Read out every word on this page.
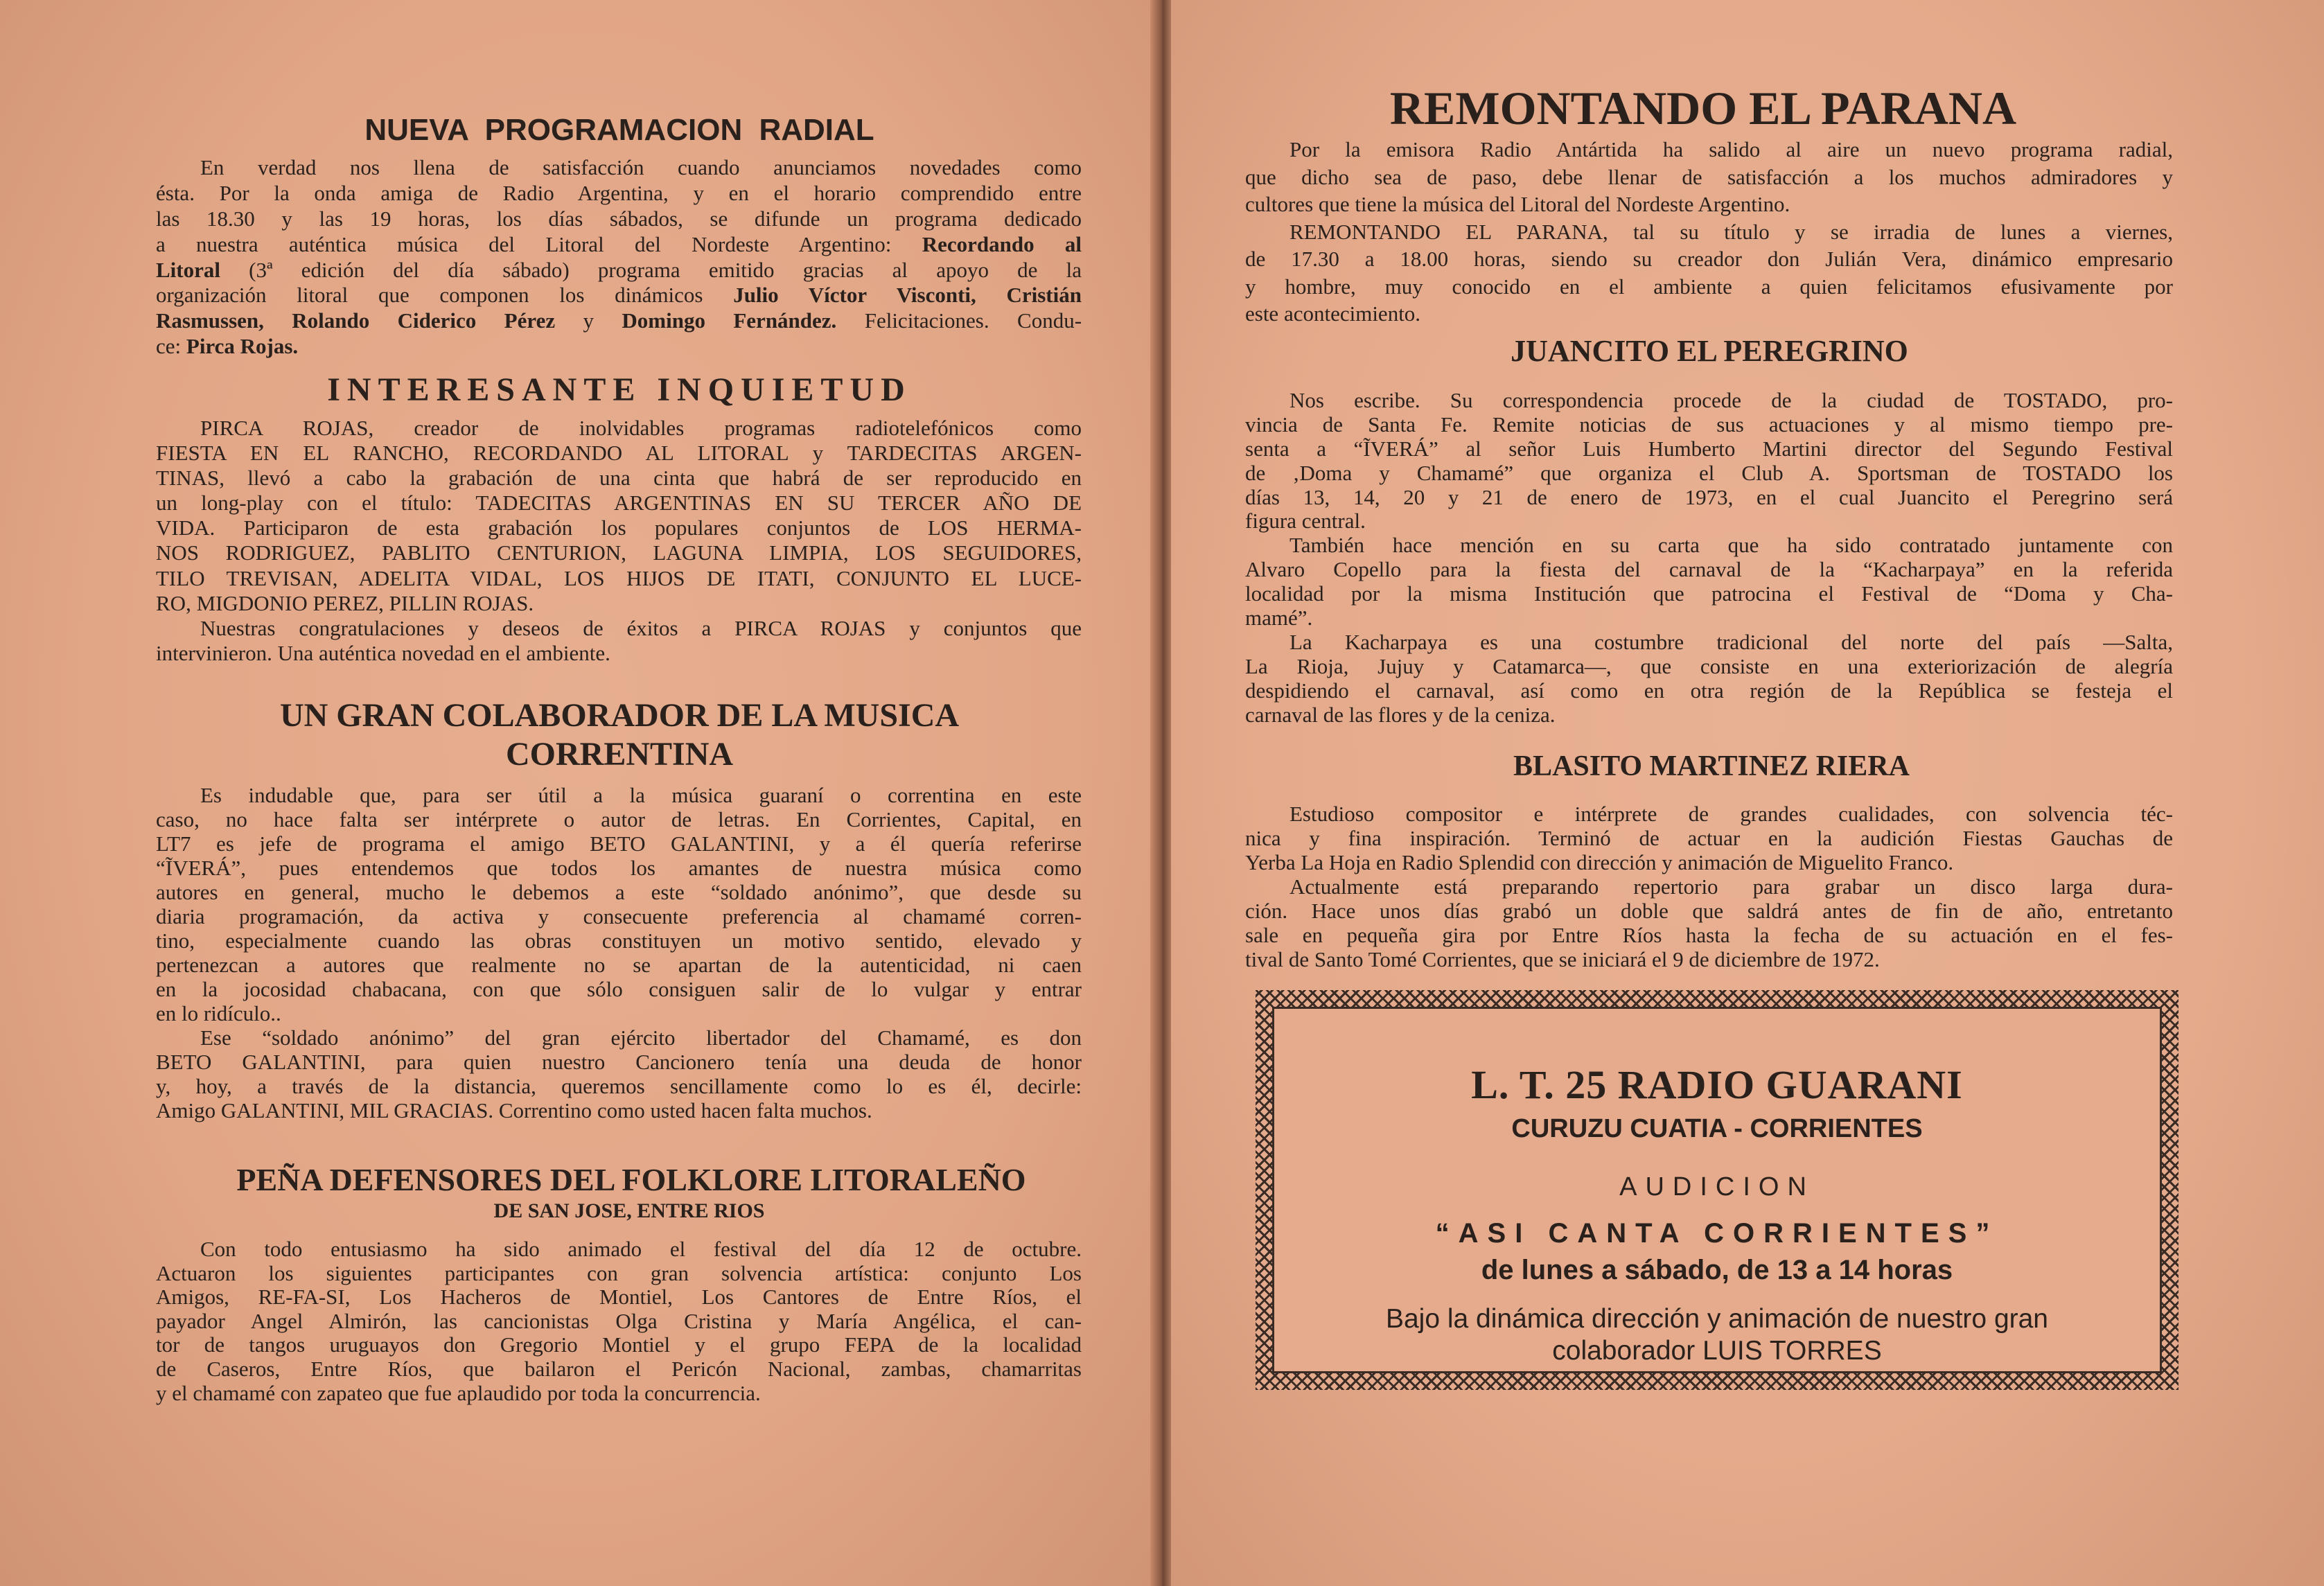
NUEVA PROGRAMACION RADIAL
En verdad nos llena de satisfacción cuando anunciamos novedades como
ésta. Por la onda amiga de Radio Argentina, y en el horario comprendido entre
las 18.30 y las 19 horas, los días sábados, se difunde un programa dedicado
a nuestra auténtica música del Litoral del Nordeste Argentino: Recordando al
Litoral (3ª edición del día sábado) programa emitido gracias al apoyo de la
organización litoral que componen los dinámicos Julio Víctor Visconti, Cristián
Rasmussen, Rolando Ciderico Pérez y Domingo Fernández. Felicitaciones. Condu-
ce: Pirca Rojas.
INTERESANTE INQUIETUD
PIRCA ROJAS, creador de inolvidables programas radiotelefónicos como
FIESTA EN EL RANCHO, RECORDANDO AL LITORAL y TARDECITAS ARGEN-
TINAS, llevó a cabo la grabación de una cinta que habrá de ser reproducido en
un long-play con el título: TADECITAS ARGENTINAS EN SU TERCER AÑO DE
VIDA. Participaron de esta grabación los populares conjuntos de LOS HERMA-
NOS RODRIGUEZ, PABLITO CENTURION, LAGUNA LIMPIA, LOS SEGUIDORES,
TILO TREVISAN, ADELITA VIDAL, LOS HIJOS DE ITATI, CONJUNTO EL LUCE-
RO, MIGDONIO PEREZ, PILLIN ROJAS.
Nuestras congratulaciones y deseos de éxitos a PIRCA ROJAS y conjuntos que
intervinieron. Una auténtica novedad en el ambiente.
UN GRAN COLABORADOR DE LA MUSICA
CORRENTINA
Es indudable que, para ser útil a la música guaraní o correntina en este
caso, no hace falta ser intérprete o autor de letras. En Corrientes, Capital, en
LT7 es jefe de programa el amigo BETO GALANTINI, y a él quería referirse
“ĨVERÁ”, pues entendemos que todos los amantes de nuestra música como
autores en general, mucho le debemos a este “soldado anónimo”, que desde su
diaria programación, da activa y consecuente preferencia al chamamé corren-
tino, especialmente cuando las obras constituyen un motivo sentido, elevado y
pertenezcan a autores que realmente no se apartan de la autenticidad, ni caen
en la jocosidad chabacana, con que sólo consiguen salir de lo vulgar y entrar
en lo ridículo..
Ese “soldado anónimo” del gran ejército libertador del Chamamé, es don
BETO GALANTINI, para quien nuestro Cancionero tenía una deuda de honor
y, hoy, a través de la distancia, queremos sencillamente como lo es él, decirle:
Amigo GALANTINI, MIL GRACIAS. Correntino como usted hacen falta muchos.
PEÑA DEFENSORES DEL FOLKLORE LITORALEÑO
DE SAN JOSE, ENTRE RIOS
Con todo entusiasmo ha sido animado el festival del día 12 de octubre.
Actuaron los siguientes participantes con gran solvencia artística: conjunto Los
Amigos, RE-FA-SI, Los Hacheros de Montiel, Los Cantores de Entre Ríos, el
payador Angel Almirón, las cancionistas Olga Cristina y María Angélica, el can-
tor de tangos uruguayos don Gregorio Montiel y el grupo FEPA de la localidad
de Caseros, Entre Ríos, que bailaron el Pericón Nacional, zambas, chamarritas
y el chamamé con zapateo que fue aplaudido por toda la concurrencia.
REMONTANDO EL PARANA
Por la emisora Radio Antártida ha salido al aire un nuevo programa radial,
que dicho sea de paso, debe llenar de satisfacción a los muchos admiradores y
cultores que tiene la música del Litoral del Nordeste Argentino.
REMONTANDO EL PARANA, tal su título y se irradia de lunes a viernes,
de 17.30 a 18.00 horas, siendo su creador don Julián Vera, dinámico empresario
y hombre, muy conocido en el ambiente a quien felicitamos efusivamente por
este acontecimiento.
JUANCITO EL PEREGRINO
Nos escribe. Su correspondencia procede de la ciudad de TOSTADO, pro-
vincia de Santa Fe. Remite noticias de sus actuaciones y al mismo tiempo pre-
senta a “ĨVERÁ” al señor Luis Humberto Martini director del Segundo Festival
de ‚Doma y Chamamé” que organiza el Club A. Sportsman de TOSTADO los
días 13, 14, 20 y 21 de enero de 1973, en el cual Juancito el Peregrino será
figura central.
También hace mención en su carta que ha sido contratado juntamente con
Alvaro Copello para la fiesta del carnaval de la “Kacharpaya” en la referida
localidad por la misma Institución que patrocina el Festival de “Doma y Cha-
mamé”.
La Kacharpaya es una costumbre tradicional del norte del país —Salta,
La Rioja, Jujuy y Catamarca—, que consiste en una exteriorización de alegría
despidiendo el carnaval, así como en otra región de la República se festeja el
carnaval de las flores y de la ceniza.
BLASITO MARTINEZ RIERA
Estudioso compositor e intérprete de grandes cualidades, con solvencia téc-
nica y fina inspiración. Terminó de actuar en la audición Fiestas Gauchas de
Yerba La Hoja en Radio Splendid con dirección y animación de Miguelito Franco.
Actualmente está preparando repertorio para grabar un disco larga dura-
ción. Hace unos días grabó un doble que saldrá antes de fin de año, entretanto
sale en pequeña gira por Entre Ríos hasta la fecha de su actuación en el fes-
tival de Santo Tomé Corrientes, que se iniciará el 9 de diciembre de 1972.
L. T. 25 RADIO GUARANI
CURUZU CUATIA - CORRIENTES
AUDICION
“ASI CANTA CORRIENTES”
de lunes a sábado, de 13 a 14 horas
Bajo la dinámica dirección y animación de nuestro gran
colaborador LUIS TORRES
